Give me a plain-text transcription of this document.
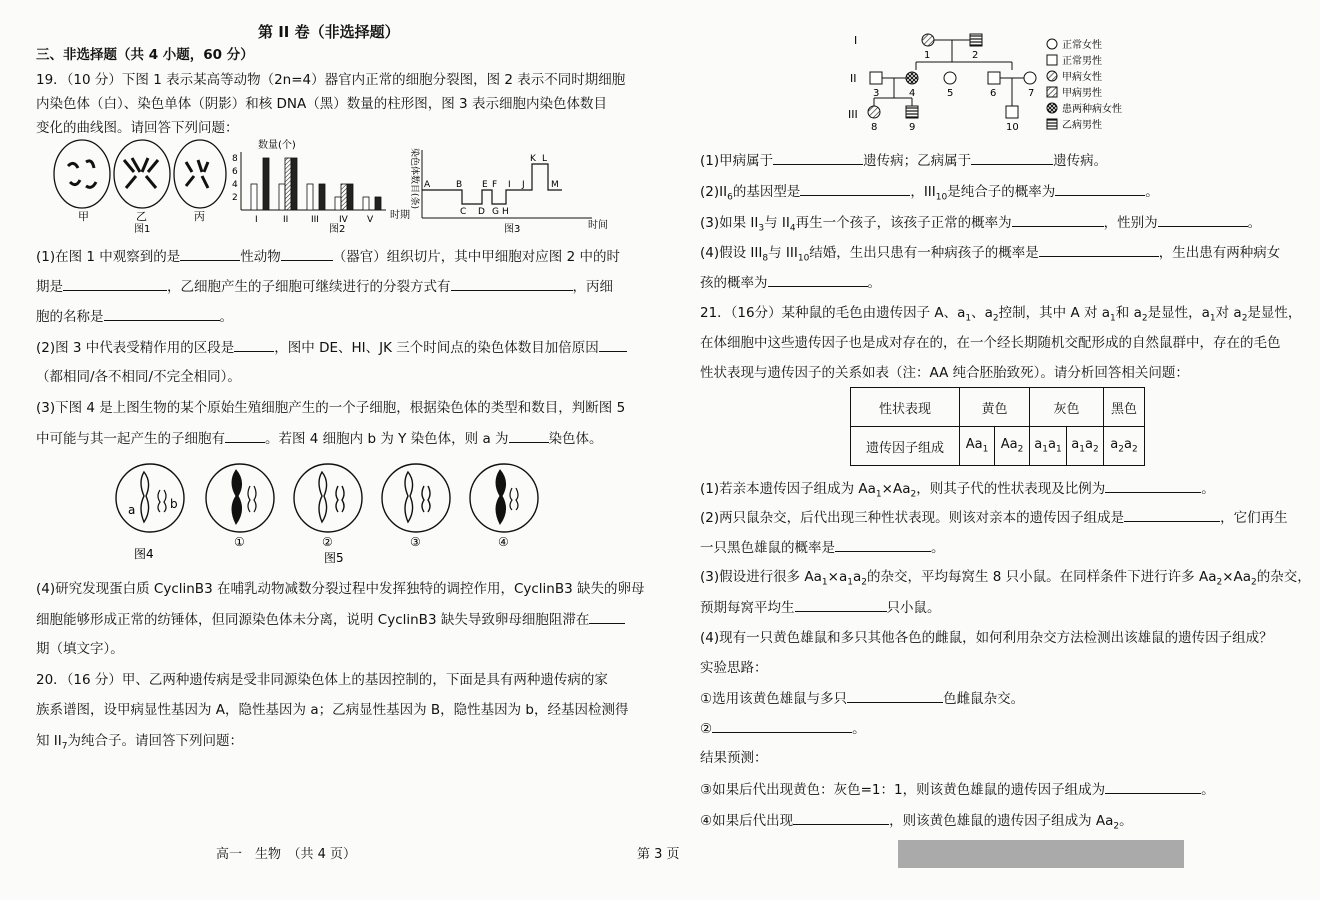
第 II 卷（非选择题）
三、非选择题（共 4 小题，60 分）
19．（10 分）下图 1 表示某高等动物（2n=4）器官内正常的细胞分裂图，图 2 表示不同时期细胞
内染色体（白）、染色单体（阴影）和核 DNA（黑）数量的柱形图，图 3 表示细胞内染色体数目
变化的曲线图。请回答下列问题：
甲	乙	丙
图1
数量(个)
时期
图2
8
6
4
2
I	II	III IV V
染色体数目(条)
时间
A	B
C D
E F
G H
I J
K L
M
图3
(1)在图 1 中观察到的是	性动物	（器官）组织切片，其中甲细胞对应图 2 中的时
期是	，乙细胞产生的子细胞可继续进行的分裂方式有	，丙细
胞的名称是	。
(2)图 3 中代表受精作用的区段是	，图中 DE、HI、JK 三个时间点的染色体数目加倍原因
（都相同/各不相同/不完全相同）。
(3)下图 4 是上图生物的某个原始生殖细胞产生的一个子细胞，根据染色体的类型和数目，判断图 5
中可能与其一起产生的子细胞有	。若图 4 细胞内 b 为 Y 染色体，则 a 为	染色体。
a	b
①	②	③	④
图4	图5
(4)研究发现蛋白质 CyclinB3 在哺乳动物减数分裂过程中发挥独特的调控作用，CyclinB3 缺失的卵母
细胞能够形成正常的纺锤体，但同源染色体未分离，说明 CyclinB3 缺失导致卵母细胞阻滞在
期（填文字）。
20．（16 分）甲、乙两种遗传病是受非同源染色体上的基因控制的，下面是具有两种遗传病的家
族系谱图，设甲病显性基因为 A，隐性基因为 a；乙病显性基因为 B，隐性基因为 b，经基因检测得
知 $II_7$为纯合子。请回答下列问题：
高一　生物　（共 4 页）	第 3 页
I
II
III
1	2
3	4	5	6	7
8	9	10
正常女性
正常男性
甲病女性
甲病男性
患两种病女性
乙病男性
(1)甲病属于	遗传病；乙病属于	遗传病。
$(2)II_6$的基因型是	，$III_{10}$是纯合子的概率为	。
(3)如果 $II_3$与 $II_4$再生一个孩子，该孩子正常的概率为	，性别为	。
(4)假设 $III_8$与 $III_{10}$结婚，生出只患有一种病孩子的概率是	，生出患有两种病女
孩的概率为	。
21．（16分）某种鼠的毛色由遗传因子 A、$a_1$、$a_2$控制，其中 A 对 $a_1$和 $a_2$是显性，$a_1$对 $a_2$是显性，
在体细胞中这些遗传因子也是成对存在的，在一个经长期随机交配形成的自然鼠群中，存在的毛色
性状表现与遗传因子的关系如表（注：AA 纯合胚胎致死）。请分析回答相关问题：
性状表现	黄色		灰色		黑色
遗传因子组成	$Aa_1$	$Aa_2$	$a_1a_1$	$a_1a_2$	$a_2a_2$
(1)若亲本遗传因子组成为 $Aa_1\times Aa_2$，则其子代的性状表现及比例为	。
(2)两只鼠杂交，后代出现三种性状表现。则该对亲本的遗传因子组成是	，它们再生
一只黑色雄鼠的概率是	。
(3)假设进行很多 $Aa_1\times a_1a_2$的杂交，平均每窝生 8 只小鼠。在同样条件下进行许多 $Aa_2\times Aa_2$的杂交，
预期每窝平均生	只小鼠。
(4)现有一只黄色雄鼠和多只其他各色的雌鼠，如何利用杂交方法检测出该雄鼠的遗传因子组成？
实验思路：
①选用该黄色雄鼠与多只	色雌鼠杂交。
②	。
结果预测：
③如果后代出现黄色：灰色=1：1，则该黄色雄鼠的遗传因子组成为	。
④如果后代出现	，则该黄色雄鼠的遗传因子组成为 $Aa_2$。
